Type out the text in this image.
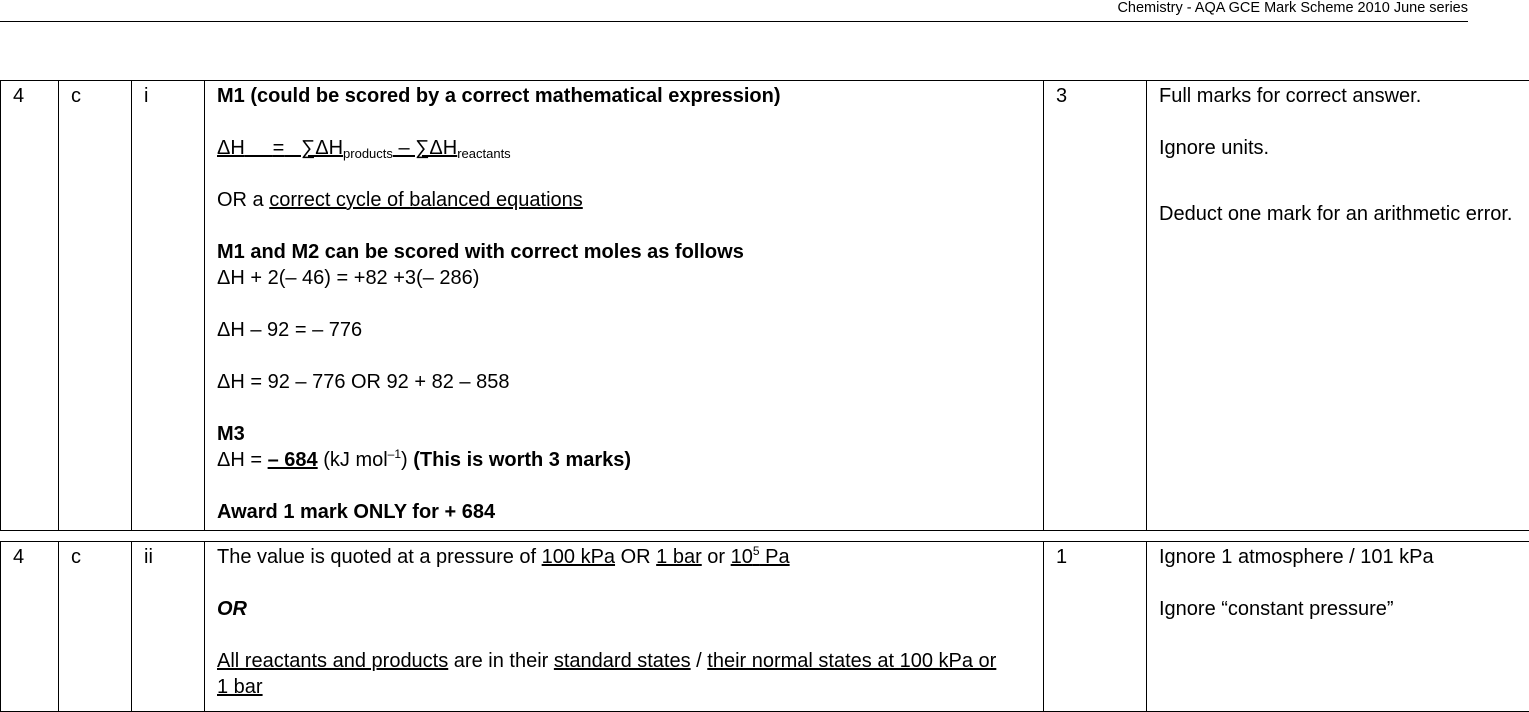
Chemistry - AQA GCE Mark Scheme 2010 June series
4	c	i	M1 (could be scored by a correct mathematical expression)

$\Delta H = \sum\Delta H_{products} - \sum\Delta H_{reactants}$

OR a correct cycle of balanced equations

M1 and M2 can be scored with correct moles as follows

ΔH + 2(– 46) = +82 +3(– 286)

ΔH – 92 = – 776

ΔH = 92 – 776 OR 92 + 82 – 858

M3

ΔH = – 684 (kJ mol$^{-1}$) (This is worth 3 marks)

Award 1 mark ONLY for + 684

	3	Full marks for correct answer.

Ignore units.

Deduct one mark for an arithmetic error.

4	c	ii	The value is quoted at a pressure of 100 kPa OR 1 bar or $10^5$ Pa

OR

All reactants and products are in their standard states / their normal states at 100 kPa or 1 bar

	1	Ignore 1 atmosphere / 101 kPa

Ignore “constant pressure”
